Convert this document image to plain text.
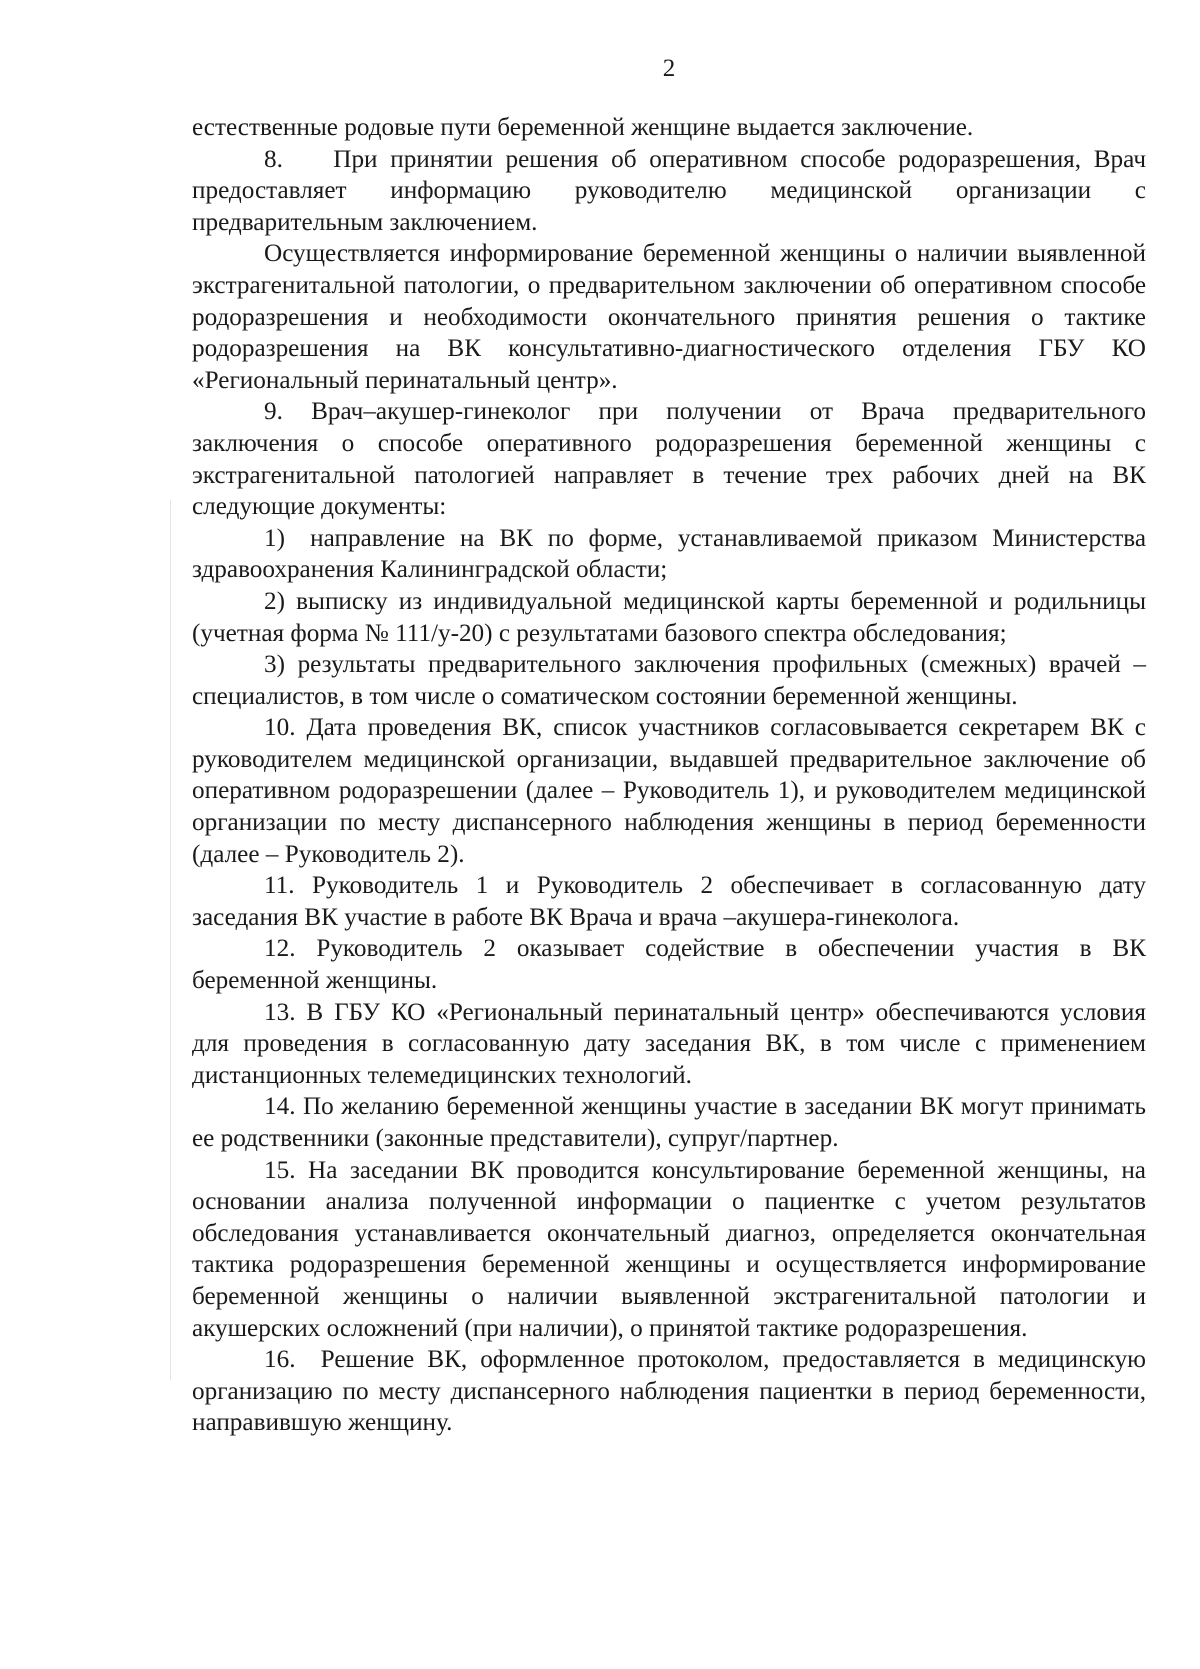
2

естественные родовые пути беременной женщине выдается заключение.

8.  При принятии решения об оперативном способе родоразрешения, Врач предоставляет информацию руководителю медицинской организации с предварительным заключением.

Осуществляется информирование беременной женщины о наличии выявленной экстрагенитальной патологии, о предварительном заключении об оперативном способе родоразрешения и необходимости окончательного принятия решения о тактике родоразрешения на ВК консультативно-диагностического отделения ГБУ КО «Региональный перинатальный центр».

9. Врач–акушер-гинеколог при получении от Врача предварительного заключения о способе оперативного родоразрешения беременной женщины с экстрагенитальной патологией направляет в течение трех рабочих дней на ВК следующие документы:

1) направление на ВК по форме, устанавливаемой приказом Министерства здравоохранения Калининградской области;

2) выписку из индивидуальной медицинской карты беременной и родильницы (учетная форма № 111/у-20) с результатами базового спектра обследования;

3) результаты предварительного заключения профильных (смежных) врачей – специалистов, в том числе о соматическом состоянии беременной женщины.

10. Дата проведения ВК, список участников согласовывается секретарем ВК с руководителем медицинской организации, выдавшей предварительное заключение об оперативном родоразрешении (далее – Руководитель 1), и руководителем медицинской организации по месту диспансерного наблюдения женщины в период беременности (далее – Руководитель 2).

11. Руководитель 1 и Руководитель 2 обеспечивает в согласованную дату заседания ВК участие в работе ВК Врача и врача –акушера-гинеколога.

12. Руководитель 2 оказывает содействие в обеспечении участия в ВК беременной женщины.

13. В ГБУ КО «Региональный перинатальный центр» обеспечиваются условия для проведения в согласованную дату заседания ВК, в том числе с применением дистанционных телемедицинских технологий.

14. По желанию беременной женщины участие в заседании ВК могут принимать ее родственники (законные представители), супруг/партнер.

15. На заседании ВК проводится консультирование беременной женщины, на основании анализа полученной информации о пациентке с учетом результатов обследования устанавливается окончательный диагноз, определяется окончательная тактика родоразрешения беременной женщины и осуществляется информирование беременной женщины о наличии выявленной экстрагенитальной патологии и акушерских осложнений (при наличии), о принятой тактике родоразрешения.

16. Решение ВК, оформленное протоколом, предоставляется в медицинскую организацию по месту диспансерного наблюдения пациентки в период беременности, направившую женщину.
